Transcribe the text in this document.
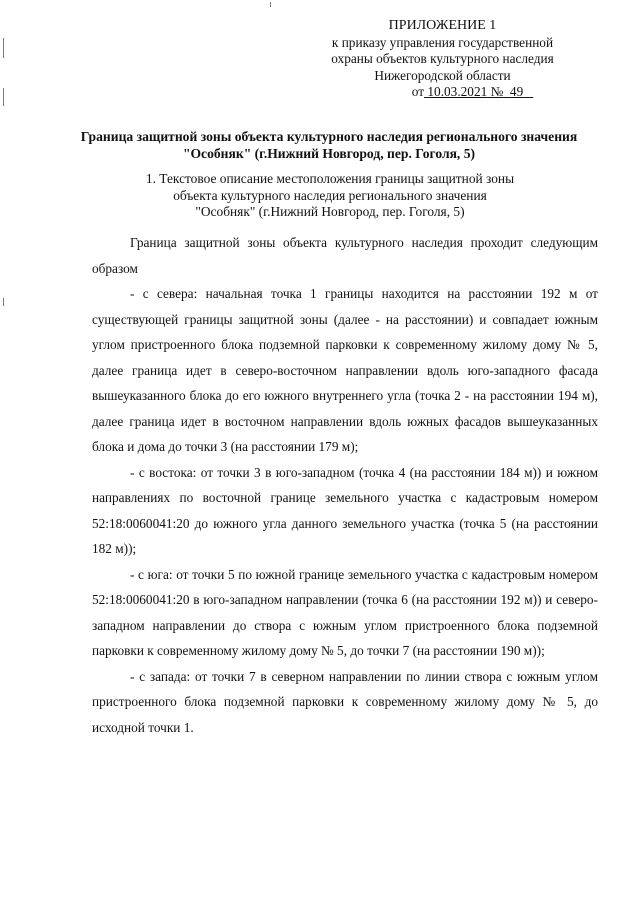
ПРИЛОЖЕНИЕ 1
к приказу управления государственной
охраны объектов культурного наследия
Нижегородской области
от 10.03.2021 № 49
Граница защитной зоны объекта культурного наследия регионального значения
"Особняк" (г.Нижний Новгород, пер. Гоголя, 5)
1. Текстовое описание местоположения границы защитной зоны
объекта культурного наследия регионального значения
"Особняк" (г.Нижний Новгород, пер. Гоголя, 5)

Граница защитной зоны объекта культурного наследия проходит следующим образом

- с севера: начальная точка 1 границы находится на расстоянии 192 м от существующей границы защитной зоны (далее - на расстоянии) и совпадает южным углом пристроенного блока подземной парковки к современному жилому дому № 5, далее граница идет в северо-восточном направлении вдоль юго-западного фасада вышеуказанного блока до его южного внутреннего угла (точка 2 - на расстоянии 194 м), далее граница идет в восточном направлении вдоль южных фасадов вышеуказанных блока и дома до точки 3 (на расстоянии 179 м);

- с востока: от точки 3 в юго-западном (точка 4 (на расстоянии 184 м)) и южном направлениях по восточной границе земельного участка с кадастровым номером 52:18:0060041:20 до южного угла данного земельного участка (точка 5 (на расстоянии 182 м));

- с юга: от точки 5 по южной границе земельного участка с кадастровым номером 52:18:0060041:20 в юго-западном направлении (точка 6 (на расстоянии 192 м)) и северо-западном направлении до створа с южным углом пристроенного блока подземной парковки к современному жилому дому № 5, до точки 7 (на расстоянии 190 м));

- с запада: от точки 7 в северном направлении по линии створа с южным углом пристроенного блока подземной парковки к современному жилому дому № 5, до исходной точки 1.
